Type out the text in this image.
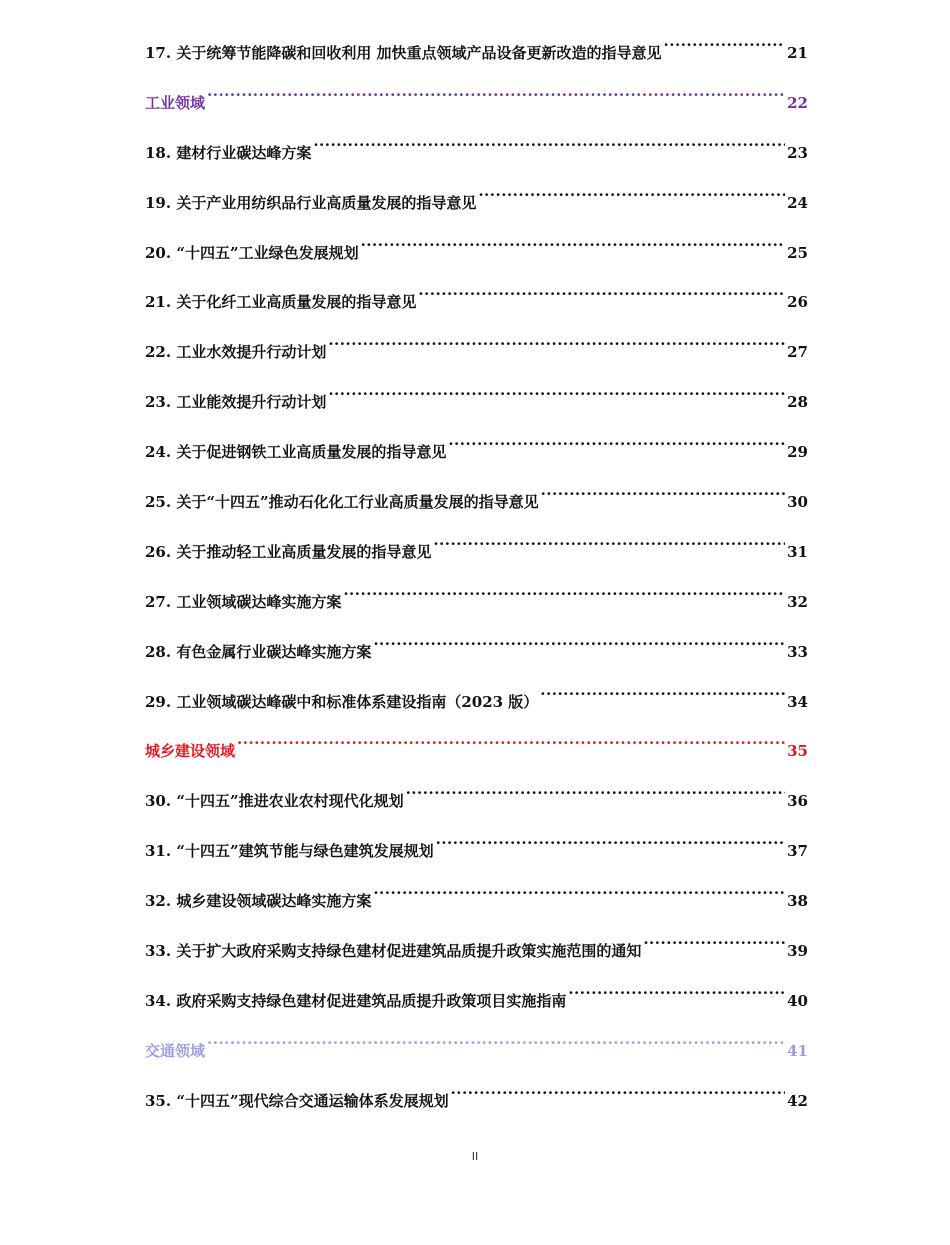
17. 关于统筹节能降碳和回收利用 加快重点领域产品设备更新改造的指导意见 .....	21
工业领域 .....	22
18. 建材行业碳达峰方案 .....	23
19. 关于产业用纺织品行业高质量发展的指导意见 .....	24
20. “十四五”工业绿色发展规划 .....	25
21. 关于化纤工业高质量发展的指导意见 .....	26
22. 工业水效提升行动计划 .....	27
23. 工业能效提升行动计划 .....	28
24. 关于促进钢铁工业高质量发展的指导意见 .....	29
25. 关于“十四五”推动石化化工行业高质量发展的指导意见 .....	30
26. 关于推动轻工业高质量发展的指导意见 .....	31
27. 工业领域碳达峰实施方案 .....	32
28. 有色金属行业碳达峰实施方案 .....	33
29. 工业领域碳达峰碳中和标准体系建设指南（2023 版） .....	34
城乡建设领域 .....	35
30. “十四五”推进农业农村现代化规划 .....	36
31. “十四五”建筑节能与绿色建筑发展规划 .....	37
32. 城乡建设领域碳达峰实施方案 .....	38
33. 关于扩大政府采购支持绿色建材促进建筑品质提升政策实施范围的通知 .....	39
34. 政府采购支持绿色建材促进建筑品质提升政策项目实施指南 .....	40
交通领域 .....	41
35. “十四五”现代综合交通运输体系发展规划 .....	42
II
